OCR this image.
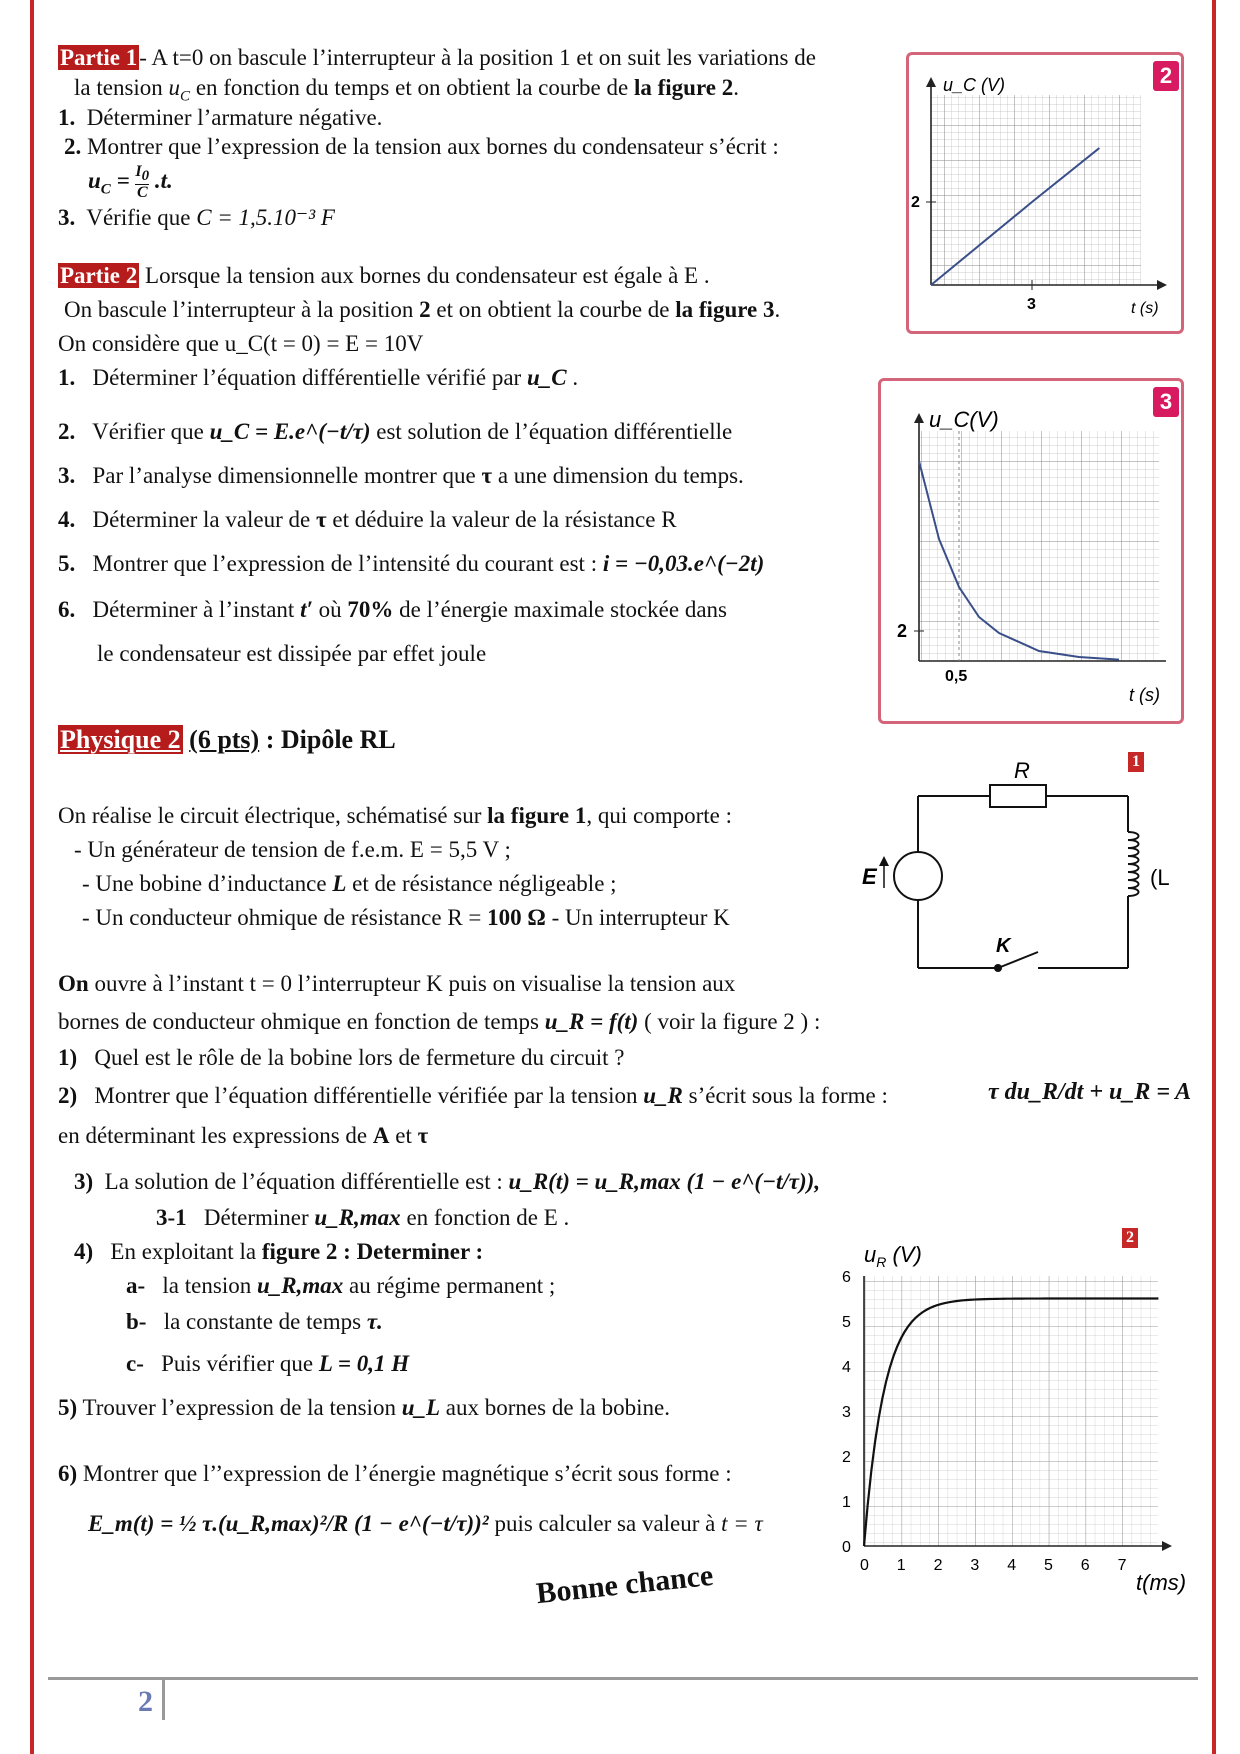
Partie 1- A t=0 on bascule l’interrupteur à la position 1 et on suit les variations de
la tension $u_C$ en fonction du temps et on obtient la courbe de la figure 2.
1. Déterminer l’armature négative.
2. Montrer que l’expression de la tension aux bornes du condensateur s’écrit :
$u_C = \frac{I_0}{C} .t$.
3. Vérifie que C = 1,5.10⁻³ F
Partie 2 Lorsque la tension aux bornes du condensateur est égale à E .
On bascule l’interrupteur à la position 2 et on obtient la courbe de la figure 3.
On considère que u_C(t = 0) = E = 10V
1. Déterminer l’équation différentielle vérifié par u_C .
2. Vérifier que u_C = E.e^(−t/τ) est solution de l’équation différentielle
3. Par l’analyse dimensionnelle montrer que τ a une dimension du temps.
4. Déterminer la valeur de τ et déduire la valeur de la résistance R
5. Montrer que l’expression de l’intensité du courant est : i = −0,03.e^(−2t)
6. Déterminer à l’instant t′ où 70% de l’énergie maximale stockée dans
le condensateur est dissipée par effet joule
2
u_C (V)
t (s)
2
3
3
u_C(V)
t (s)
2
0,5
Physique 2 (6 pts) : Dipôle RL
On réalise le circuit électrique, schématisé sur la figure 1, qui comporte :
- Un générateur de tension de f.e.m. E = 5,5 V ;
- Une bobine d’inductance L et de résistance négligeable ;
- Un conducteur ohmique de résistance R = 100 Ω - Un interrupteur K
On ouvre à l’instant t = 0 l’interrupteur K puis on visualise la tension aux
bornes de conducteur ohmique en fonction de temps u_R = f(t) ( voir la figure 2 ) :
1) Quel est le rôle de la bobine lors de fermeture du circuit ?
2) Montrer que l’équation différentielle vérifiée par la tension u_R s’écrit sous la forme :	τ du_R/dt + u_R = A
en déterminant les expressions de A et τ
3) La solution de l’équation différentielle est : u_R(t) = u_R,max (1 − e^(−t/τ)),
3-1 Déterminer u_R,max en fonction de E .
4) En exploitant la figure 2 : Determiner :
a- la tension u_R,max au régime permanent ;
b- la constante de temps τ.
c- Puis vérifier que L = 0,1 H
5) Trouver l’expression de la tension u_L aux bornes de la bobine.
6) Montrer que l’’expression de l’énergie magnétique s’écrit sous forme :
E_m(t) = ½ τ.(u_R,max)²/R (1 − e^(−t/τ))² puis calculer sa valeur à t = τ
Bonne chance
1
R
(L
E
K
2
$u_R$ (V)
t(ms)
0 1 2 3 4 5 6 7
0
1
2
3
4
5
6
2
